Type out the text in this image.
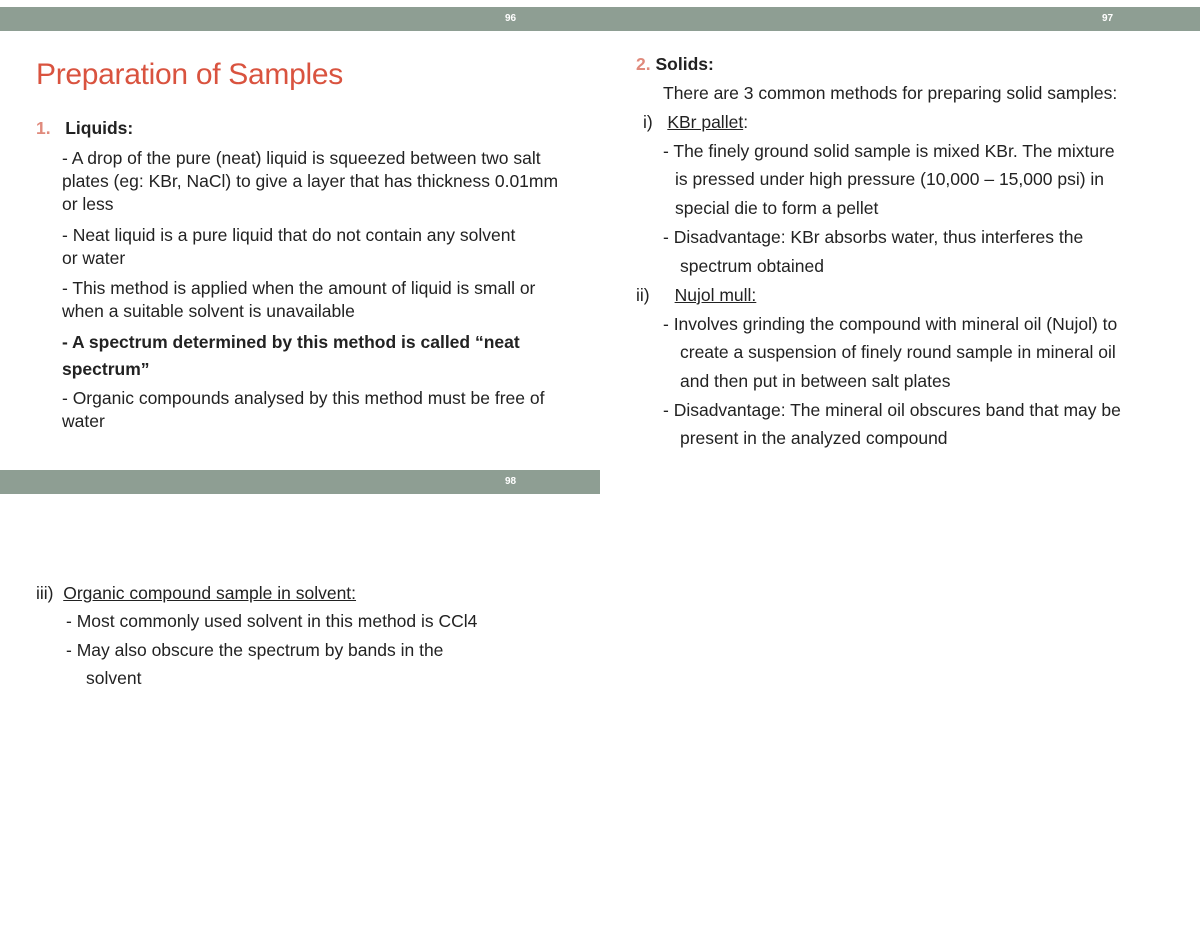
96
Preparation of Samples
1. Liquids:
- A drop of the pure (neat) liquid is squeezed between two salt plates (eg: KBr, NaCl) to give a layer that has thickness 0.01mm or less
- Neat liquid is a pure liquid that do not contain any solvent or water
- This method is applied when the amount of liquid is small or when a suitable solvent is unavailable
- A spectrum determined by this method is called “neat spectrum”
- Organic compounds analysed by this method must be free of water
97
2. Solids:
There are 3 common methods for preparing solid samples:
i) KBr pallet:
- The finely ground solid sample is mixed KBr. The mixture
is pressed under high pressure (10,000 – 15,000 psi) in
special die to form a pellet
- Disadvantage: KBr absorbs water, thus interferes the
spectrum obtained
ii) Nujol mull:
- Involves grinding the compound with mineral oil (Nujol) to
create a suspension of finely round sample in mineral oil
and then put in between salt plates
- Disadvantage: The mineral oil obscures band that may be
present in the analyzed compound
98
iii) Organic compound sample in solvent:
- Most commonly used solvent in this method is CCl4
- May also obscure the spectrum by bands in the
solvent
